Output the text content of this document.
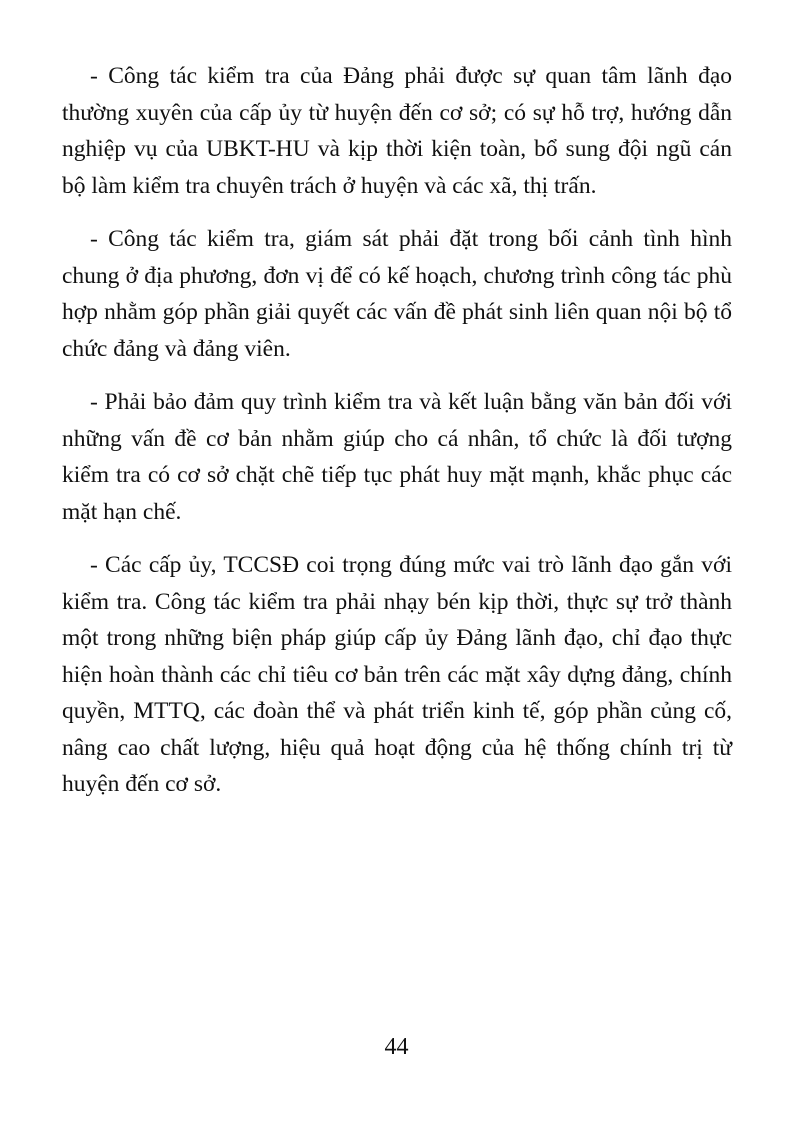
- Công tác kiểm tra của Đảng phải được sự quan tâm lãnh đạo thường xuyên của cấp ủy từ huyện đến cơ sở; có sự hỗ trợ, hướng dẫn nghiệp vụ của UBKT-HU và kịp thời kiện toàn, bổ sung đội ngũ cán bộ làm kiểm tra chuyên trách ở huyện và các xã, thị trấn.

- Công tác kiểm tra, giám sát phải đặt trong bối cảnh tình hình chung ở địa phương, đơn vị để có kế hoạch, chương trình công tác phù hợp nhằm góp phần giải quyết các vấn đề phát sinh liên quan nội bộ tổ chức đảng và đảng viên.

- Phải bảo đảm quy trình kiểm tra và kết luận bằng văn bản đối với những vấn đề cơ bản nhằm giúp cho cá nhân, tổ chức là đối tượng kiểm tra có cơ sở chặt chẽ tiếp tục phát huy mặt mạnh, khắc phục các mặt hạn chế.

- Các cấp ủy, TCCSĐ coi trọng đúng mức vai trò lãnh đạo gắn với kiểm tra. Công tác kiểm tra phải nhạy bén kịp thời, thực sự trở thành một trong những biện pháp giúp cấp ủy Đảng lãnh đạo, chỉ đạo thực hiện hoàn thành các chỉ tiêu cơ bản trên các mặt xây dựng đảng, chính quyền, MTTQ, các đoàn thể và phát triển kinh tế, góp phần củng cố, nâng cao chất lượng, hiệu quả hoạt động của hệ thống chính trị từ huyện đến cơ sở.

44
